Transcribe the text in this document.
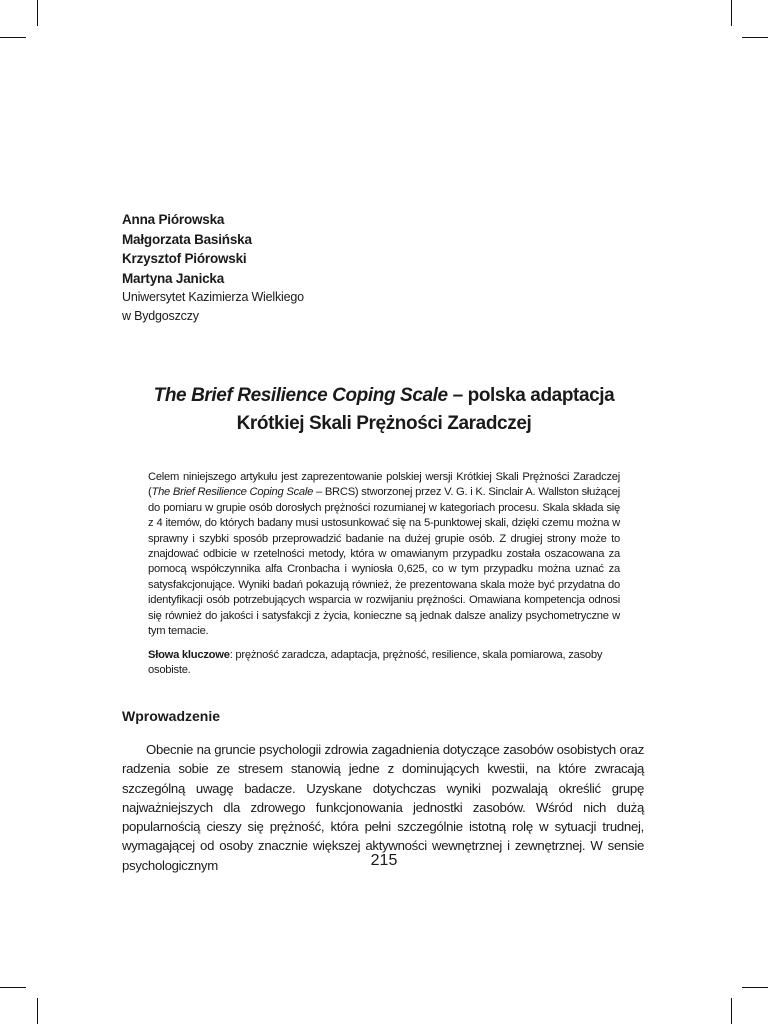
Anna Piórowska
Małgorzata Basińska
Krzysztof Piórowski
Martyna Janicka
Uniwersytet Kazimierza Wielkiego
w Bydgoszczy
The Brief Resilience Coping Scale – polska adaptacja
Krótkiej Skali Prężności Zaradczej
Celem niniejszego artykułu jest zaprezentowanie polskiej wersji Krótkiej Skali Prężności Zaradczej (The Brief Resilience Coping Scale – BRCS) stworzonej przez V. G. i K. Sinclair A. Wallston służącej do pomiaru w grupie osób dorosłych prężności rozumianej w kategoriach procesu. Skala składa się z 4 itemów, do których badany musi ustosunkować się na 5-punktowej skali, dzięki czemu można w sprawny i szybki sposób przeprowadzić badanie na dużej grupie osób. Z drugiej strony może to znajdować odbicie w rzetelności metody, która w omawianym przypadku została oszacowana za pomocą współczynnika alfa Cronbacha i wyniosła 0,625, co w tym przypadku można uznać za satysfakcjonujące. Wyniki badań pokazują również, że prezentowana skala może być przydatna do identyfikacji osób potrzebujących wsparcia w rozwijaniu prężności. Omawiana kompetencja odnosi się również do jakości i satysfakcji z życia, konieczne są jednak dalsze analizy psychometryczne w tym temacie.
Słowa kluczowe: prężność zaradcza, adaptacja, prężność, resilience, skala pomiarowa, zasoby osobiste.
Wprowadzenie

Obecnie na gruncie psychologii zdrowia zagadnienia dotyczące zasobów osobistych oraz radzenia sobie ze stresem stanowią jedne z dominujących kwestii, na które zwracają szczególną uwagę badacze. Uzyskane dotychczas wyniki pozwalają określić grupę najważniejszych dla zdrowego funkcjonowania jednostki zasobów. Wśród nich dużą popularnością cieszy się prężność, która pełni szczególnie istotną rolę w sytuacji trudnej, wymagającej od osoby znacznie większej aktywności wewnętrznej i zewnętrznej. W sensie psychologicznym	215
